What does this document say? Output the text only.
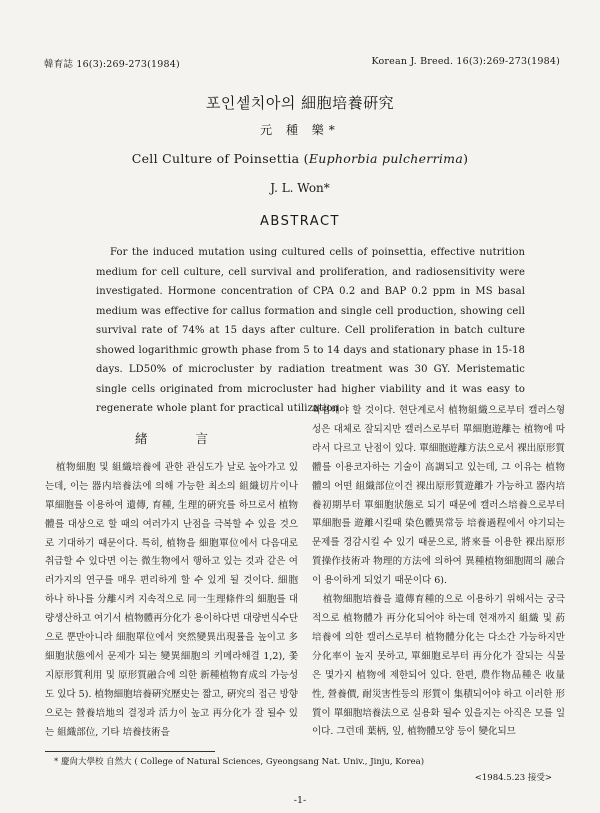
韓育誌 16(3):269-273(1984)	Korean J. Breed. 16(3):269-273(1984)
포인셑치아의 細胞培養硏究
元 種 樂*
Cell Culture of Poinsettia (Euphorbia pulcherrima)
J. L. Won*
ABSTRACT
For the induced mutation using cultured cells of poinsettia, effective nutrition medium for cell culture, cell survival and proliferation, and radiosensitivity were investigated. Hormone concentration of CPA 0.2 and BAP 0.2 ppm in MS basal medium was effective for callus formation and single cell production, showing cell survival rate of 74% at 15 days after culture. Cell proliferation in batch culture showed logarithmic growth phase from 5 to 14 days and stationary phase in 15-18 days. LD50% of microcluster by radiation treatment was 30 GY. Meristematic single cells originated from microcluster had higher viability and it was easy to regenerate whole plant for practical utilization.
緖 言

植物細胞 및 組織培養에 관한 관심도가 날로 높아가고 있는데, 이는 器内培養法에 의해 가능한 최소의 組織切片이나 單細胞를 이용하여 遺傳, 育種, 生理的硏究를 하므로서 植物體를 대상으로 할 때의 여러가지 난점을 극복할 수 있을 것으로 기대하기 때문이다. 특히, 植物을 細胞單位에서 다음대로 취급할 수 있다면 이는 微生物에서 행하고 있는 것과 같은 여러가지의 연구를 매우 편리하게 할 수 있게 될 것이다. 細胞 하나 하나를 分離시켜 지속적으로 同一生理條件의 細胞를 대량생산하고 여기서 植物體再分化가 용이하다면 대량번식수단으로 뿐만아니라 細胞單位에서 突然變異出現률을 높이고 多細胞狀態에서 문제가 되는 變異細胞의 키메라해결 1,2), 쫓지原形質利用 및 原形質融合에 의한 新種植物育成의 가능성도 있다 5). 植物細胞培養硏究歷史는 짧고, 硏究의 접근 방향으로는 營養培地의 결정과 活力이 높고 再分化가 잘 될수 있는 組織部位, 기타 培養技術을

확립해야 할 것이다. 현단계로서 植物組織으로부터 캘러스형성은 대체로 잘되지만 캘러스로부터 單細胞遊離는 植物에 따라서 다르고 난점이 있다. 單細胞遊離方法으로서 裸出原形質體를 이용코자하는 기술이 高調되고 있는데, 그 이유는 植物體의 어떤 組織部位이건 裸出原形質遊離가 가능하고 器内培養初期부터 單細胞狀態로 되기 때문에 캘러스培養으로부터 單細胞를 遊離시킬때 染色體異常등 培養過程에서 야기되는 문제를 경감시킬 수 있기 때문으로, 將來를 이용한 裸出原形質操作技術과 物理的方法에 의하여 異種植物細胞間의 融合이 용이하게 되었기 때문이다 6).

植物細胞培養을 遺傳育種的으로 이용하기 위해서는 궁극적으로 植物體가 再分化되어야 하는데 현재까지 組織 및 葯培養에 의한 캘러스로부터 植物體分化는 다소간 가능하지만 分化率이 높지 못하고, 單細胞로부터 再分化가 잘되는 식물은 몇가지 植物에 제한되어 있다. 한편, 農作物品種은 收量性, 營養價, 耐災害性등의 形質이 集積되어야 하고 이러한 形質이 單細胞培養法으로 실용화 될수 있을지는 아직은 모를 일이다. 그런데 葉柄, 잎, 植物體모양 등이 變化되므

* 慶尙大學校 自然大 ( College of Natural Sciences, Gyeongsang Nat. Univ., Jinju, Korea)
<1984.5.23 接受>
-1-
